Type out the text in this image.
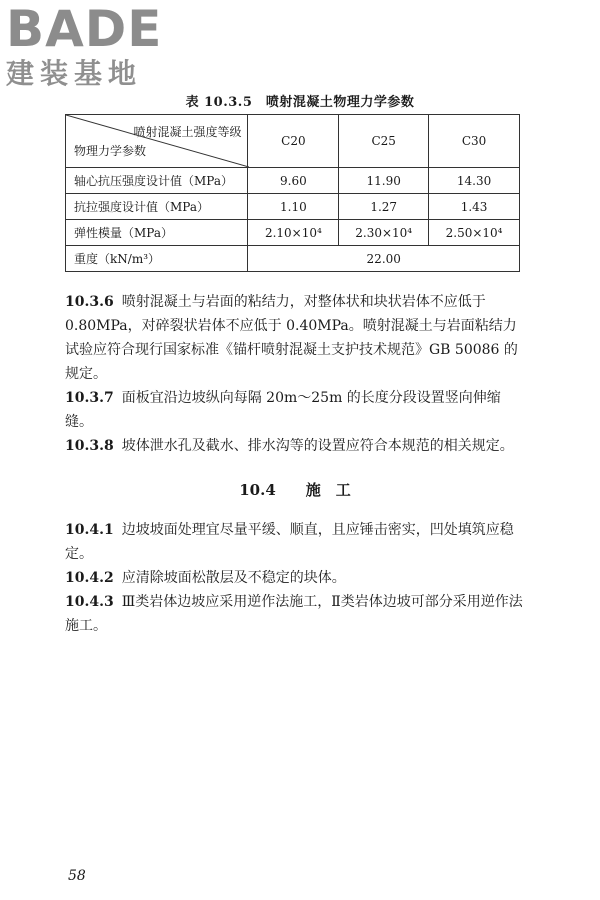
BADE
建装基地
表 10.3.5　喷射混凝土物理力学参数
喷射混凝土强度等级
物理力学参数	C20	C25	C30
轴心抗压强度设计值（MPa）	9.60	11.90	14.30
抗拉强度设计值（MPa）	1.10	1.27	1.43
弹性模量（MPa）	2.10×10⁴	2.30×10⁴	2.50×10⁴
重度（kN/m³）	22.00		

10.3.6 喷射混凝土与岩面的粘结力，对整体状和块状岩体不应低于 0.80MPa，对碎裂状岩体不应低于 0.40MPa。喷射混凝土与岩面粘结力试验应符合现行国家标准《锚杆喷射混凝土支护技术规范》GB 50086 的规定。

10.3.7 面板宜沿边坡纵向每隔 20m～25m 的长度分段设置竖向伸缩缝。

10.3.8 坡体泄水孔及截水、排水沟等的设置应符合本规范的相关规定。

10.4 施　工

10.4.1 边坡坡面处理宜尽量平缓、顺直，且应锤击密实，凹处填筑应稳定。

10.4.2 应清除坡面松散层及不稳定的块体。

10.4.3 Ⅲ类岩体边坡应采用逆作法施工，Ⅱ类岩体边坡可部分采用逆作法施工。

58
